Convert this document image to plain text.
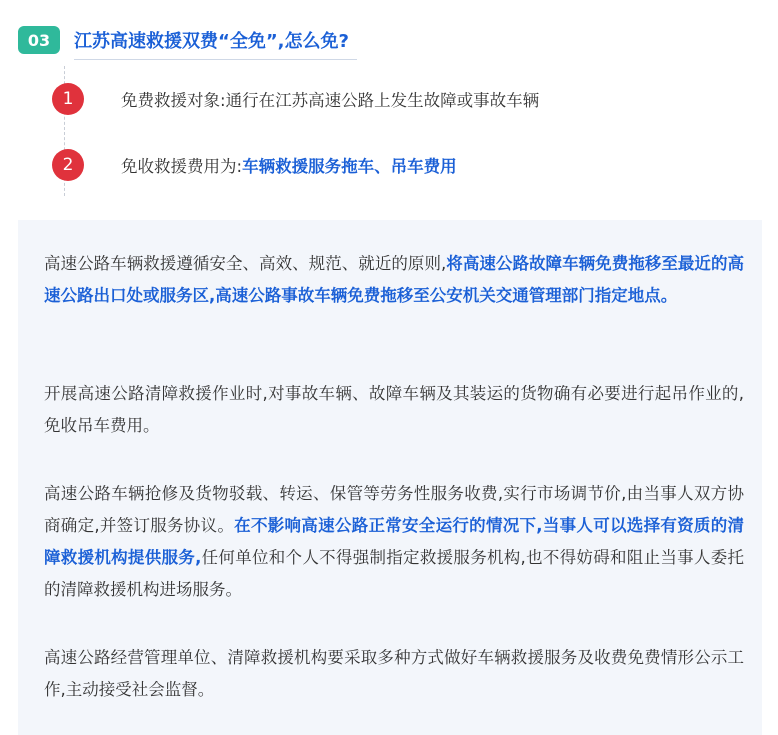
03	江苏高速救援双费“全免”,怎么免?
1	免费救援对象:通行在江苏高速公路上发生故障或事故车辆
2	免收救援费用为:车辆救援服务拖车、吊车费用

高速公路车辆救援遵循安全、高效、规范、就近的原则,将高速公路故障车辆免费拖移至最近的高速公路出口处或服务区,高速公路事故车辆免费拖移至公安机关交通管理部门指定地点。

开展高速公路清障救援作业时,对事故车辆、故障车辆及其装运的货物确有必要进行起吊作业的,免收吊车费用。

高速公路车辆抢修及货物驳载、转运、保管等劳务性服务收费,实行市场调节价,由当事人双方协商确定,并签订服务协议。在不影响高速公路正常安全运行的情况下,当事人可以选择有资质的清障救援机构提供服务,任何单位和个人不得强制指定救援服务机构,也不得妨碍和阻止当事人委托的清障救援机构进场服务。

高速公路经营管理单位、清障救援机构要采取多种方式做好车辆救援服务及收费免费情形公示工作,主动接受社会监督。
